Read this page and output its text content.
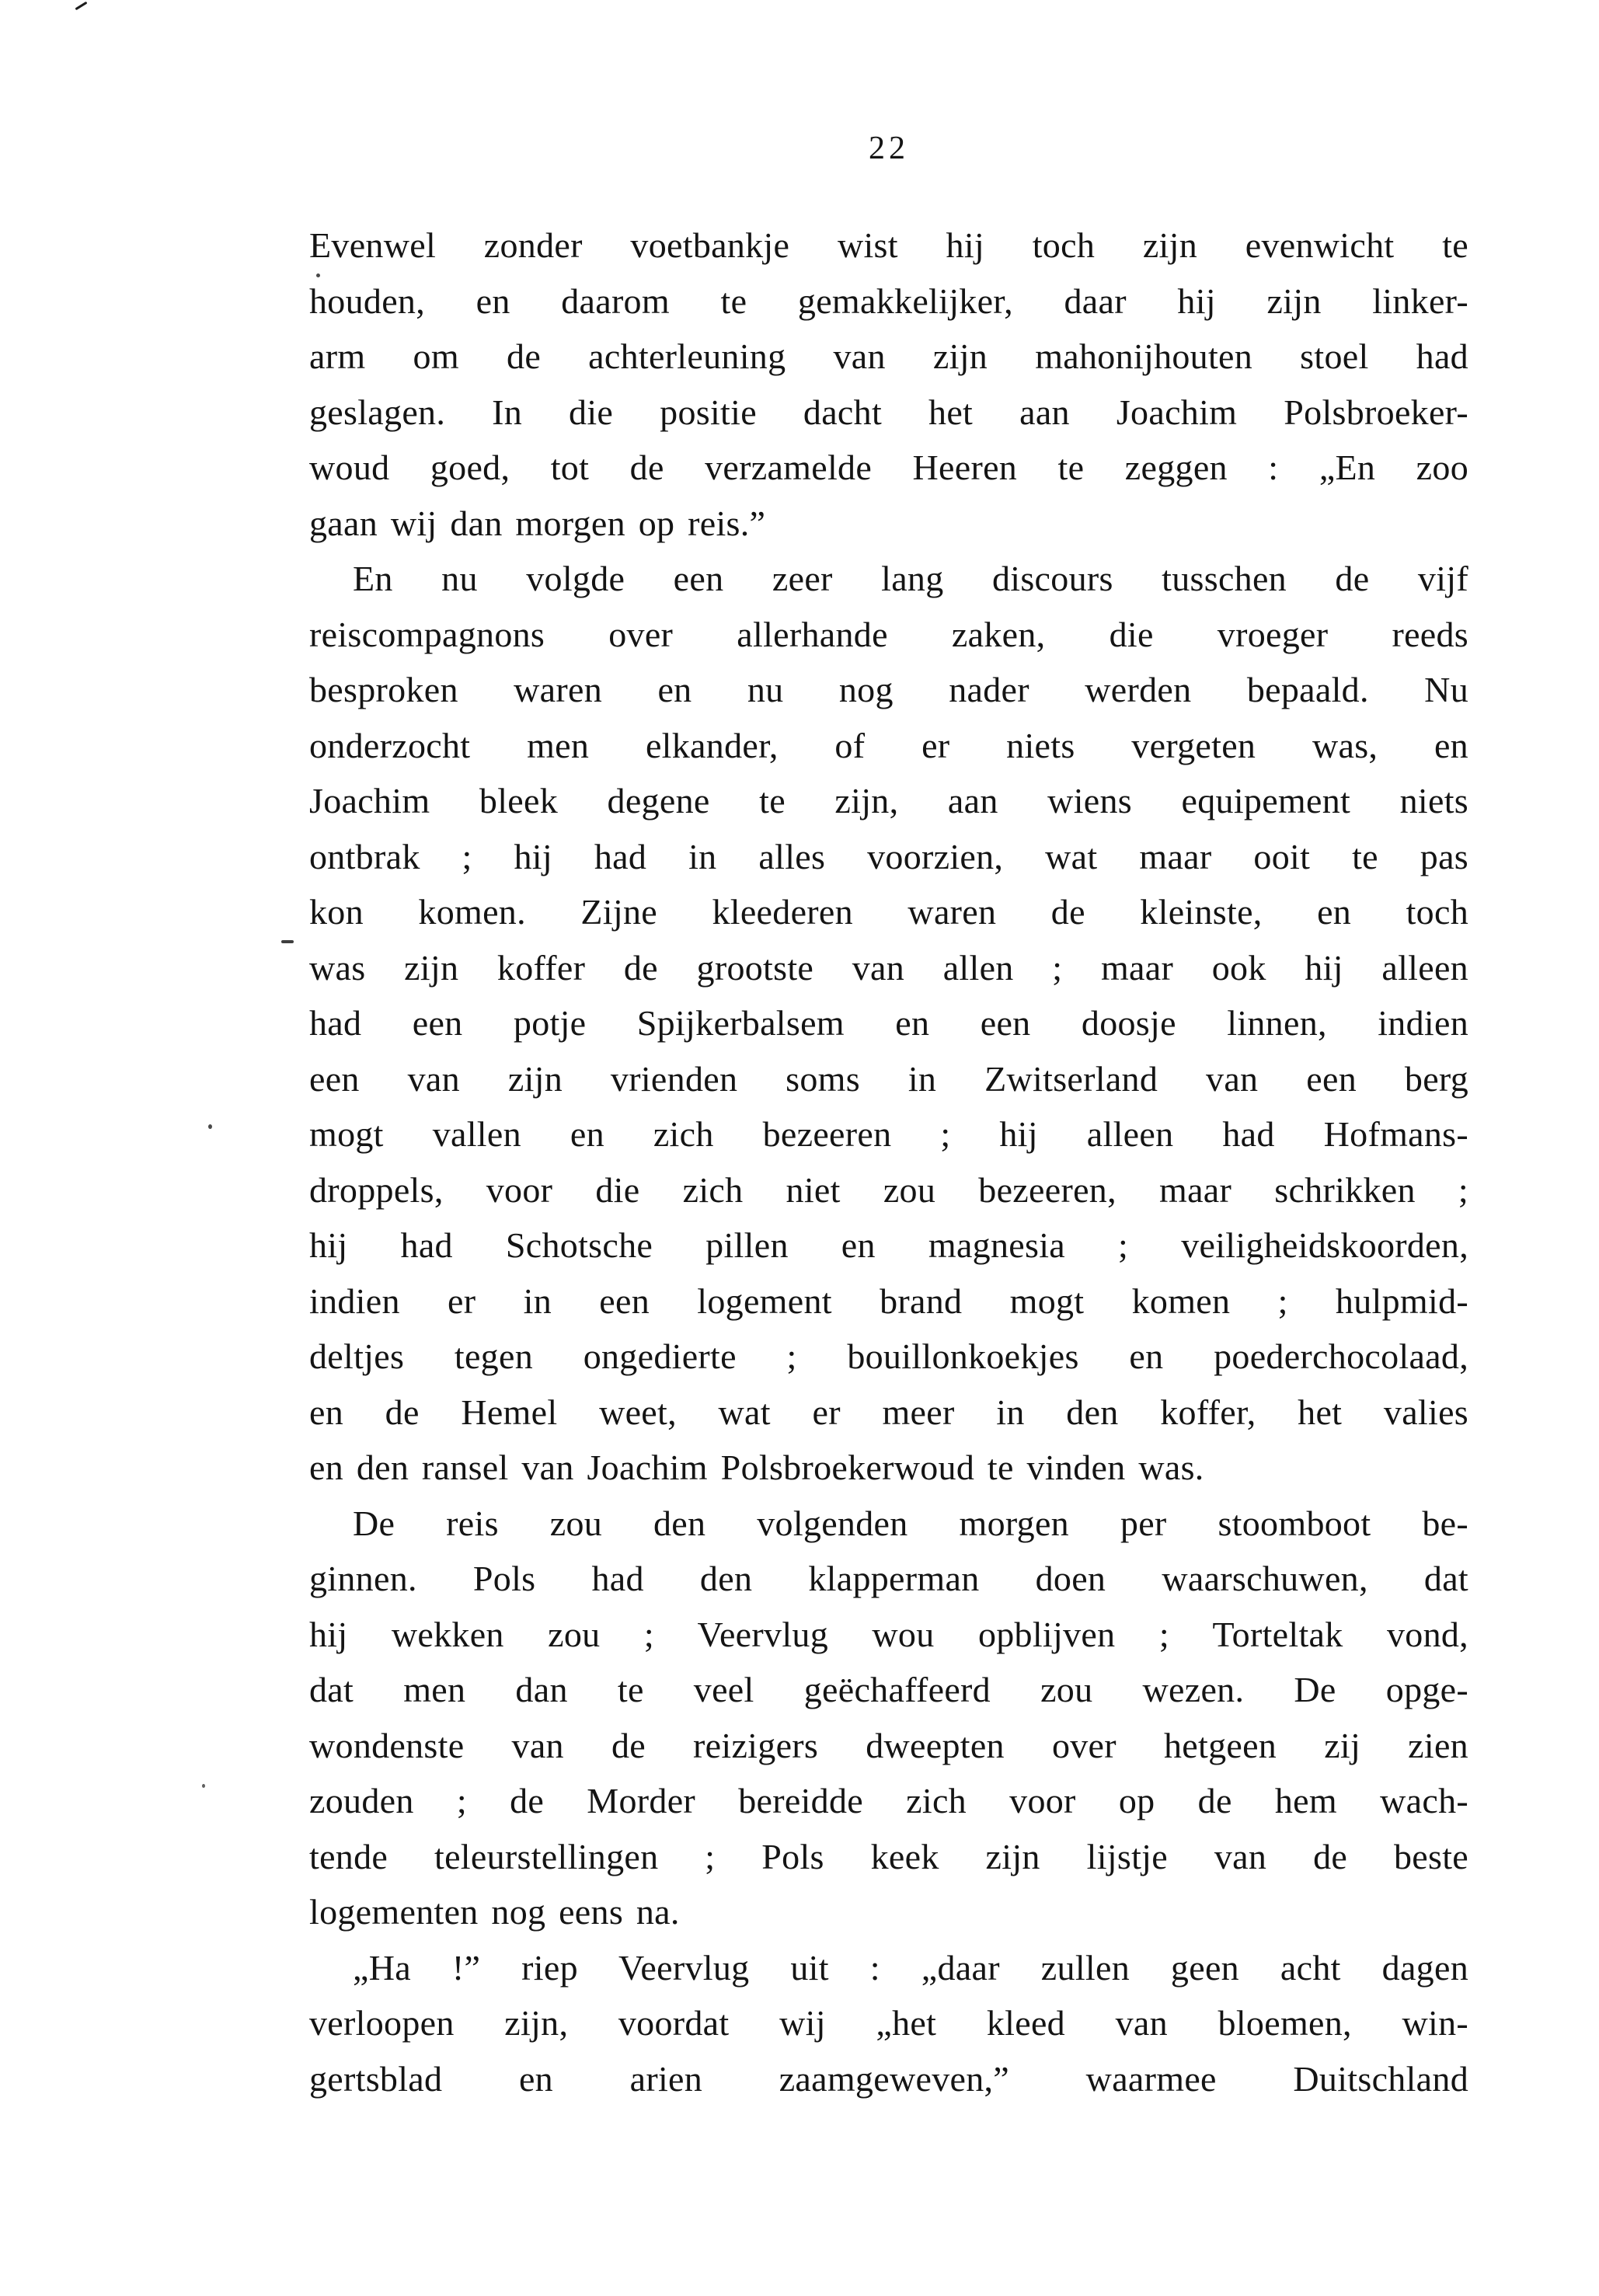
22
Evenwel zonder voetbankje wist hij toch zijn evenwicht te
houden, en daarom te gemakkelijker, daar hij zijn linker-
arm om de achterleuning van zijn mahonijhouten stoel had
geslagen. In die positie dacht het aan Joachim Polsbroeker-
woud goed, tot de verzamelde Heeren te zeggen : „En zoo
gaan wij dan morgen op reis.”
En nu volgde een zeer lang discours tusschen de vijf
reiscompagnons over allerhande zaken, die vroeger reeds
besproken waren en nu nog nader werden bepaald. Nu
onderzocht men elkander, of er niets vergeten was, en
Joachim bleek degene te zijn, aan wiens equipement niets
ontbrak ; hij had in alles voorzien, wat maar ooit te pas
kon komen. Zijne kleederen waren de kleinste, en toch
was zijn koffer de grootste van allen ; maar ook hij alleen
had een potje Spijkerbalsem en een doosje linnen, indien
een van zijn vrienden soms in Zwitserland van een berg
mogt vallen en zich bezeeren ; hij alleen had Hofmans-
droppels, voor die zich niet zou bezeeren, maar schrikken ;
hij had Schotsche pillen en magnesia ; veiligheidskoorden,
indien er in een logement brand mogt komen ; hulpmid-
deltjes tegen ongedierte ; bouillonkoekjes en poederchocolaad,
en de Hemel weet, wat er meer in den koffer, het valies
en den ransel van Joachim Polsbroekerwoud te vinden was.
De reis zou den volgenden morgen per stoomboot be-
ginnen. Pols had den klapperman doen waarschuwen, dat
hij wekken zou ; Veervlug wou opblijven ; Torteltak vond,
dat men dan te veel geëchaffeerd zou wezen. De opge-
wondenste van de reizigers dweepten over hetgeen zij zien
zouden ; de Morder bereidde zich voor op de hem wach-
tende teleurstellingen ; Pols keek zijn lijstje van de beste
logementen nog eens na.
„Ha !” riep Veervlug uit : „daar zullen geen acht dagen
verloopen zijn, voordat wij „het kleed van bloemen, win-
gertsblad en arien zaamgeweven,” waarmee Duitschland
